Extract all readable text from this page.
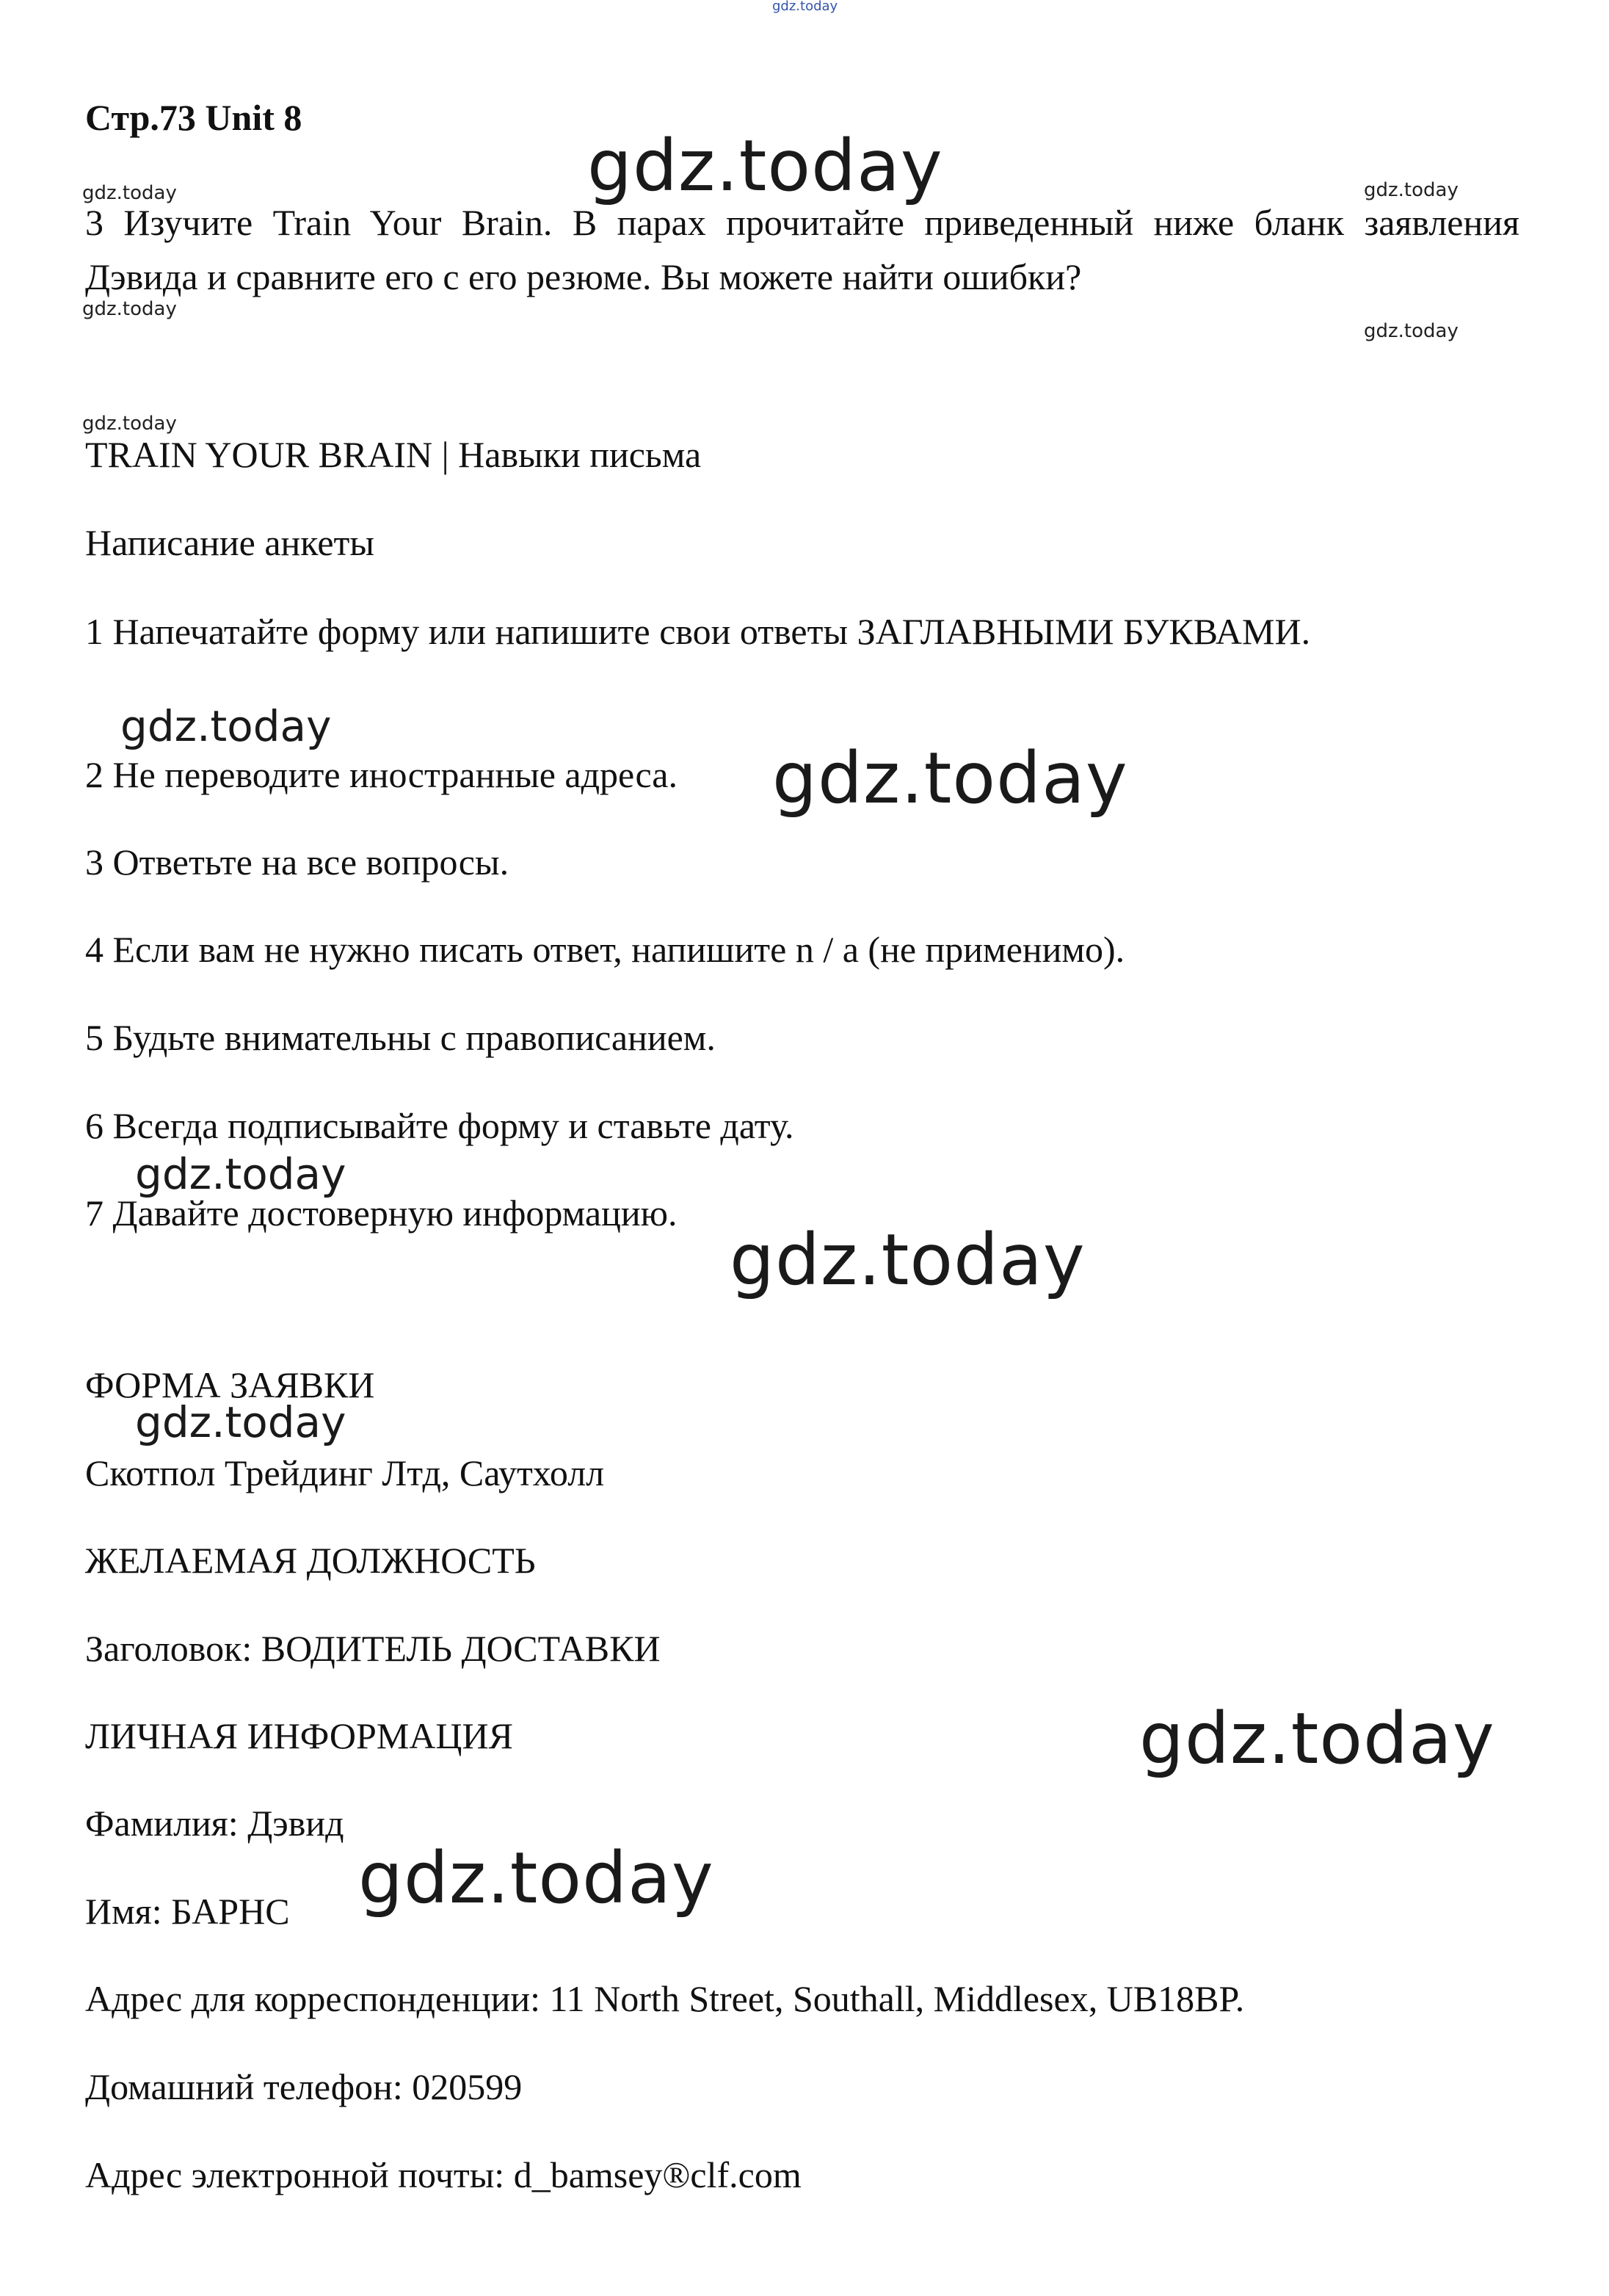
Стр.73 Unit 8

3 Изучите Train Your Brain. В парах прочитайте приведенный ниже бланк заявления Дэвида и сравните его с его резюме. Вы можете найти ошибки?

TRAIN YOUR BRAIN | Навыки письма
Написание анкеты

1 Напечатайте форму или напишите свои ответы ЗАГЛАВНЫМИ БУКВАМИ.

2 Не переводите иностранные адреса.
3 Ответьте на все вопросы.
4 Если вам не нужно писать ответ, напишите n / a (не применимо).
5 Будьте внимательны с правописанием.
6 Всегда подписывайте форму и ставьте дату.
7 Давайте достоверную информацию.
ФОРМА ЗАЯВКИ
Скотпол Трейдинг Лтд, Саутхолл
ЖЕЛАЕМАЯ ДОЛЖНОСТЬ
Заголовок: ВОДИТЕЛЬ ДОСТАВКИ
ЛИЧНАЯ ИНФОРМАЦИЯ
Фамилия: Дэвид
Имя: БАРНС
Адрес для корреспонденции: 11 North Street, Southall, Middlesex, UB18BP.
Домашний телефон: 020599
Адрес электронной почты: d_bamsey®clf.com
gdz.today
gdz.today
gdz.today	gdz.today
gdz.today
gdz.today
gdz.today
gdz.today
gdz.today
gdz.today
gdz.today
gdz.today
gdz.today
gdz.today
